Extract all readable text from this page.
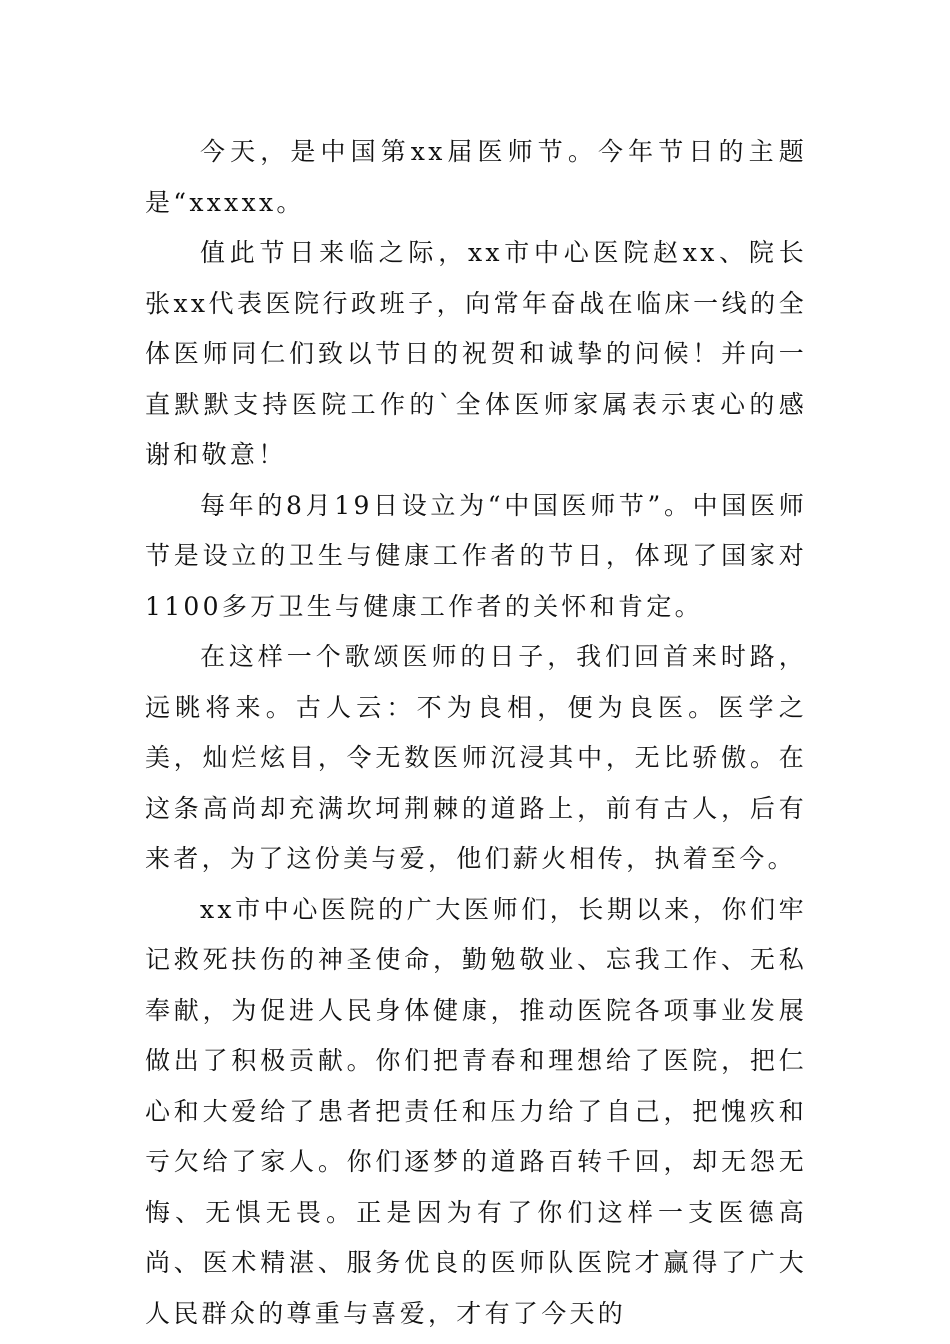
今天，是中国第xx届医师节。今年节日的主题是“xxxxx。

值此节日来临之际，xx市中心医院赵xx、院长张xx代表医院行政班子，向常年奋战在临床一线的全体医师同仁们致以节日的祝贺和诚挚的问候！并向一直默默支持医院工作的`全体医师家属表示衷心的感谢和敬意！

每年的8月19日设立为“中国医师节”。中国医师节是设立的卫生与健康工作者的节日，体现了国家对1100多万卫生与健康工作者的关怀和肯定。

在这样一个歌颂医师的日子，我们回首来时路，远眺将来。古人云：不为良相，便为良医。医学之美，灿烂炫目，令无数医师沉浸其中，无比骄傲。在这条高尚却充满坎坷荆棘的道路上，前有古人，后有来者，为了这份美与爱，他们薪火相传，执着至今。

xx市中心医院的广大医师们，长期以来，你们牢记救死扶伤的神圣使命，勤勉敬业、忘我工作、无私奉献，为促进人民身体健康，推动医院各项事业发展做出了积极贡献。你们把青春和理想给了医院，把仁心和大爱给了患者把责任和压力给了自己，把愧疚和亏欠给了家人。你们逐梦的道路百转千回，却无怨无悔、无惧无畏。正是因为有了你们这样一支医德高尚、医术精湛、服务优良的医师队医院才赢得了广大人民群众的尊重与喜爱，才有了今天的
